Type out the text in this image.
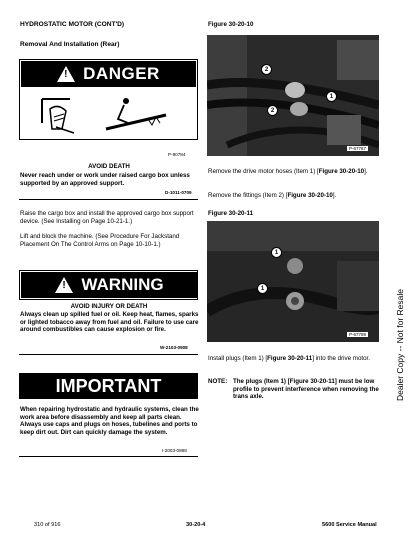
HYDROSTATIC MOTOR (CONT'D)
Removal And Installation (Rear)
!
DANGER
P-90784
AVOID DEATH
Never reach under or work under raised cargo box unless supported by an approved support.
D-1011-0709
Raise the cargo box and install the approved cargo box support device. (See Installing on Page 10-21-1.)
Lift and block the machine. (See Procedure For Jackstand Placement On The Control Arms on Page 10-10-1.)
!
WARNING
AVOID INJURY OR DEATH
Always clean up spilled fuel or oil. Keep heat, flames, sparks or lighted tobacco away from fuel and oil. Failure to use care around combustibles can cause explosion or fire.
W-2103-0508
IMPORTANT
When repairing hydrostatic and hydraulic systems, clean the work area before disassembly and keep all parts clean. Always use caps and plugs on hoses, tubelines and ports to keep dirt out. Dirt can quickly damage the system.
I-2003-0888
Figure 30-20-10
2
2
1
P-67787
Remove the drive motor hoses (Item 1) [Figure 30-20-10].
Remove the fittings (Item 2) [Figure 30-20-10].
Figure 30-20-11
1
1
P-67789
Install plugs (Item 1) [Figure 30-20-11] into the drive motor.
NOTE: The plugs (Item 1) [Figure 30-20-11] must be low profile to prevent interference when removing the trans axle.	Dealer Copy -- Not for Resale
310 of 916	30-20-4	5600 Service Manual
